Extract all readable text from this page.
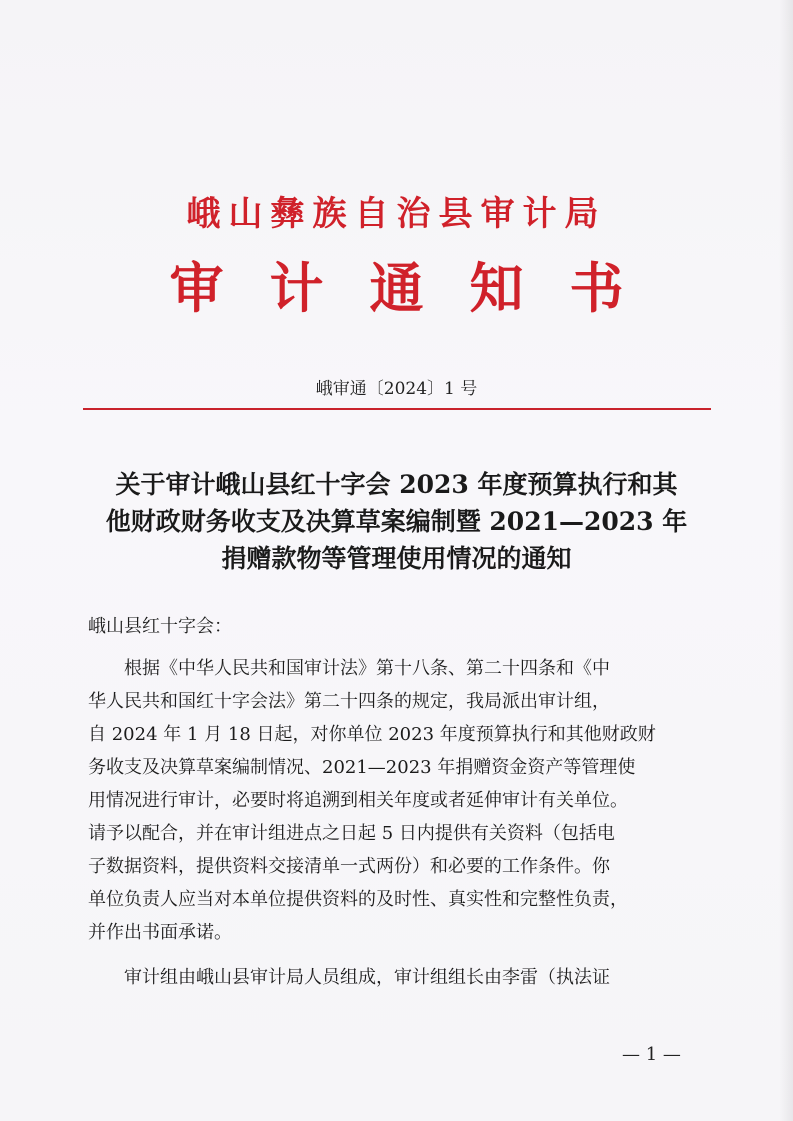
峨山彝族自治县审计局
审计通知书
峨审通〔2024〕1 号
关于审计峨山县红十字会 2023 年度预算执行和其
他财政财务收支及决算草案编制暨 2021—2023 年
捐赠款物等管理使用情况的通知
峨山县红十字会：
根据《中华人民共和国审计法》第十八条、第二十四条和《中
华人民共和国红十字会法》第二十四条的规定，我局派出审计组，
自 2024 年 1 月 18 日起，对你单位 2023 年度预算执行和其他财政财
务收支及决算草案编制情况、2021—2023 年捐赠资金资产等管理使
用情况进行审计，必要时将追溯到相关年度或者延伸审计有关单位。
请予以配合，并在审计组进点之日起 5 日内提供有关资料（包括电
子数据资料，提供资料交接清单一式两份）和必要的工作条件。你
单位负责人应当对本单位提供资料的及时性、真实性和完整性负责，
并作出书面承诺。
审计组由峨山县审计局人员组成，审计组组长由李雷（执法证
— 1 —
